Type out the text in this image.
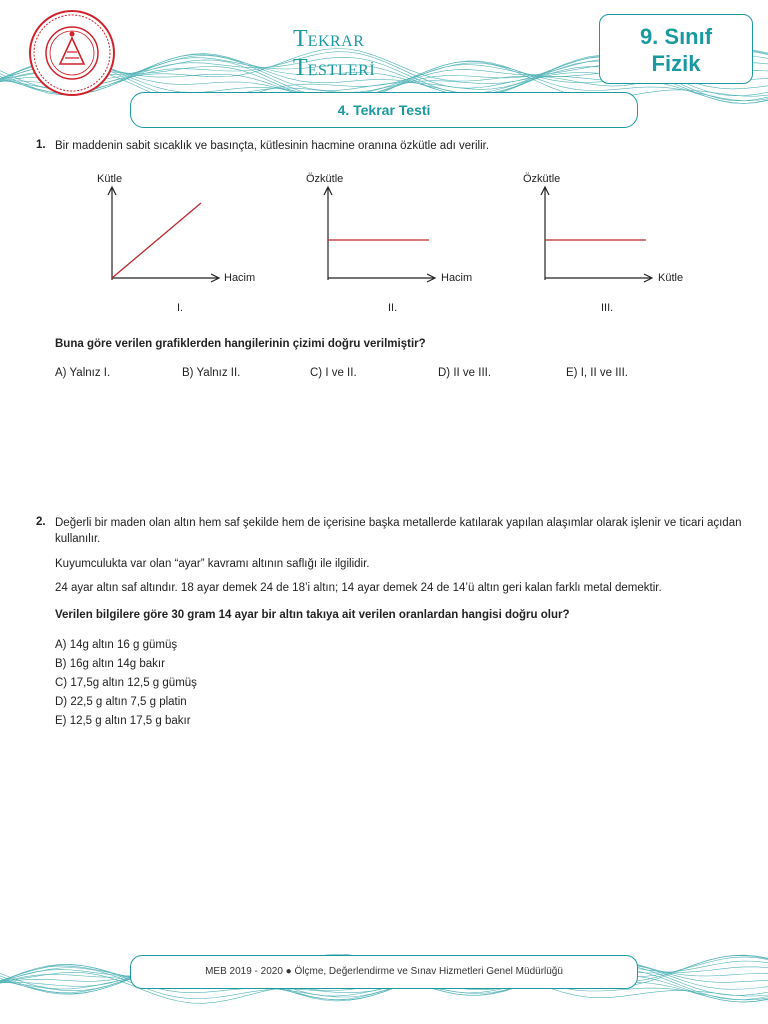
TEKRAR
TESTLERİ
9. Sınıf
Fizik
4. Tekrar Testi
1. Bir maddenin sabit sıcaklık ve basınçta, kütlesinin hacmine oranına özkütle adı verilir.
Kütle
Hacim
I.
Özkütle
Hacim
II.
Özkütle
Kütle
III.
Buna göre verilen grafiklerden hangilerinin çizimi doğru verilmiştir?
A) Yalnız I.	B) Yalnız II.	C) I ve II.	D) II ve III.	E) I, II ve III.
2. Değerli bir maden olan altın hem saf şekilde hem de içerisine başka metallerde katılarak yapılan alaşımlar olarak işlenir ve ticari açıdan kullanılır.
Kuyumculukta var olan “ayar” kavramı altının saflığı ile ilgilidir.
24 ayar altın saf altındır. 18 ayar demek 24 de 18’i altın; 14 ayar demek 24 de 14’ü altın geri kalan farklı metal demektir.
Verilen bilgilere göre 30 gram 14 ayar bir altın takıya ait verilen oranlardan hangisi doğru olur?
A) 14g altın 16 g gümüş
B) 16g altın 14g bakır
C) 17,5g altın 12,5 g gümüş
D) 22,5 g altın 7,5 g platin
E) 12,5 g altın 17,5 g bakır
MEB 2019 - 2020 ● Ölçme, Değerlendirme ve Sınav Hizmetleri Genel Müdürlüğü
